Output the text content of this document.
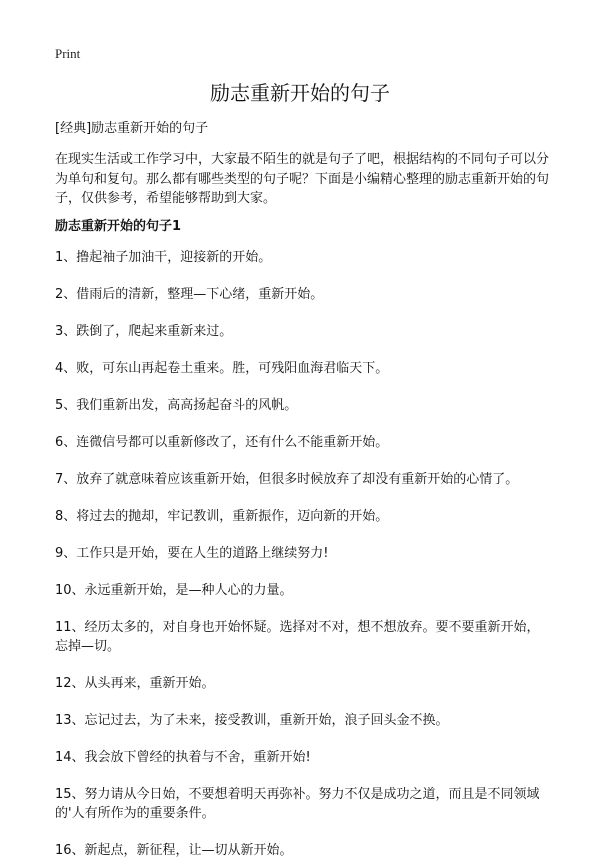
Print
励志重新开始的句子
[经典]励志重新开始的句子

在现实生活或工作学习中，大家最不陌生的就是句子了吧，根据结构的不同句子可以分为单句和复句。那么都有哪些类型的句子呢？下面是小编精心整理的励志重新开始的句子，仅供参考，希望能够帮助到大家。

励志重新开始的句子1
1、撸起袖子加油干，迎接新的开始。
2、借雨后的清新，整理—下心绪，重新开始。
3、跌倒了，爬起来重新来过。
4、败，可东山再起卷土重来。胜，可残阳血海君临天下。
5、我们重新出发，高高扬起奋斗的风帆。
6、连微信号都可以重新修改了，还有什么不能重新开始。
7、放弃了就意味着应该重新开始，但很多时候放弃了却没有重新开始的心情了。
8、将过去的抛却，牢记教训，重新振作，迈向新的开始。
9、工作只是开始，要在人生的道路上继续努力!
10、永远重新开始，是—种人心的力量。
11、经历太多的，对自身也开始怀疑。选择对不对，想不想放弃。要不要重新开始，忘掉—切。
12、从头再来，重新开始。
13、忘记过去，为了未来，接受教训，重新开始，浪子回头金不换。
14、我会放下曾经的执着与不舍，重新开始!
15、努力请从今日始，不要想着明天再弥补。努力不仅是成功之道，而且是不同领域的'人有所作为的重要条件。
16、新起点，新征程，让—切从新开始。
